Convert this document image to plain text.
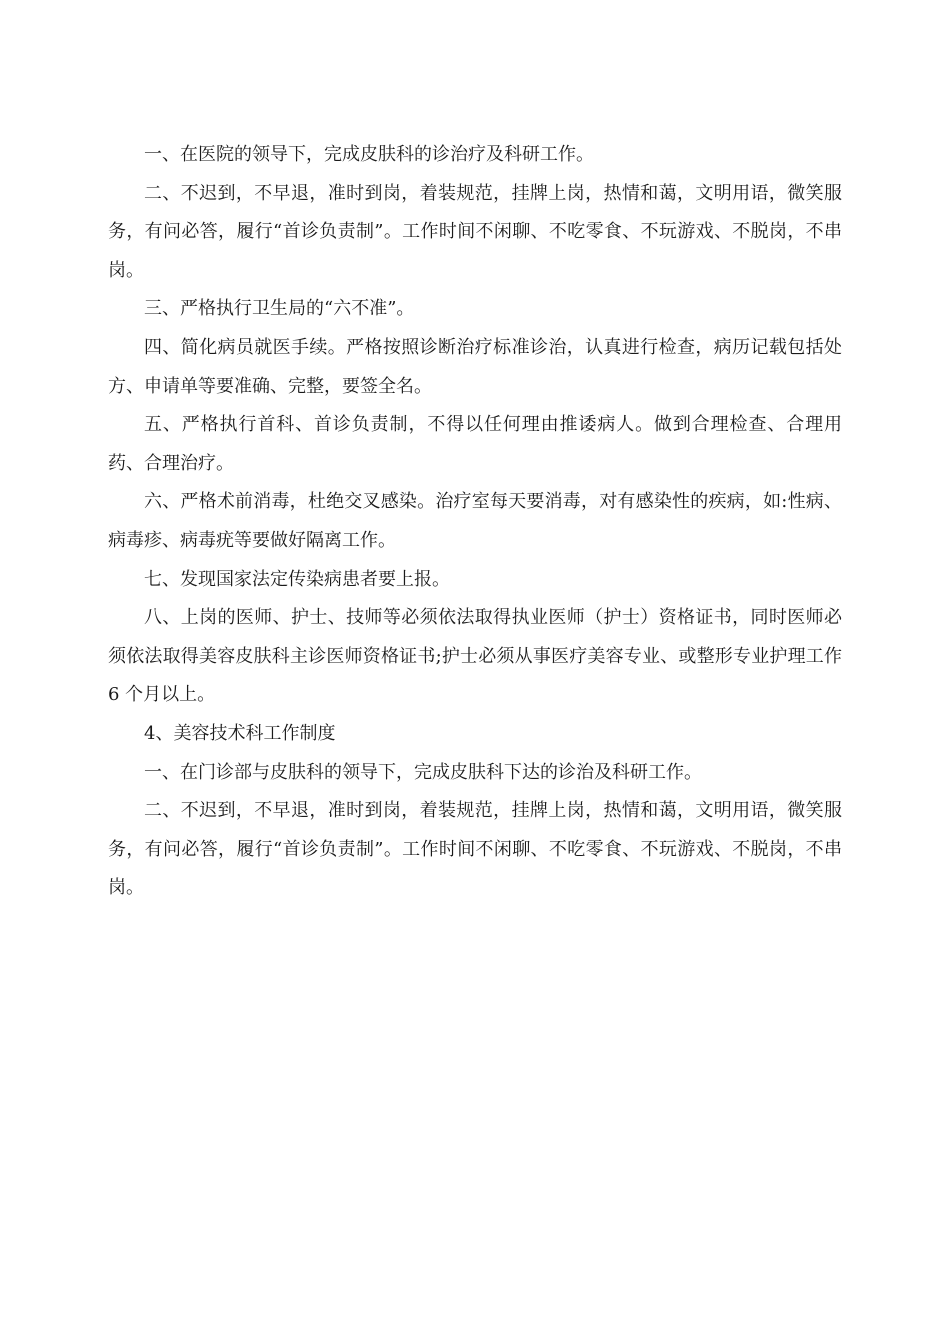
一、在医院的领导下，完成皮肤科的诊治疗及科研工作。

二、不迟到，不早退，准时到岗，着装规范，挂牌上岗，热情和蔼，文明用语，微笑服务，有问必答，履行“首诊负责制”。工作时间不闲聊、不吃零食、不玩游戏、不脱岗，不串岗。

三、严格执行卫生局的“六不准”。

四、简化病员就医手续。严格按照诊断治疗标准诊治，认真进行检查，病历记载包括处方、申请单等要准确、完整，要签全名。

五、严格执行首科、首诊负责制，不得以任何理由推诿病人。做到合理检查、合理用药、合理治疗。

六、严格术前消毒，杜绝交叉感染。治疗室每天要消毒，对有感染性的疾病，如:性病、病毒疹、病毒疣等要做好隔离工作。

七、发现国家法定传染病患者要上报。

八、上岗的医师、护士、技师等必须依法取得执业医师（护士）资格证书，同时医师必须依法取得美容皮肤科主诊医师资格证书;护士必须从事医疗美容专业、或整形专业护理工作 6 个月以上。

4、美容技术科工作制度

一、在门诊部与皮肤科的领导下，完成皮肤科下达的诊治及科研工作。

二、不迟到，不早退，准时到岗，着装规范，挂牌上岗，热情和蔼，文明用语，微笑服务，有问必答，履行“首诊负责制”。工作时间不闲聊、不吃零食、不玩游戏、不脱岗，不串岗。
